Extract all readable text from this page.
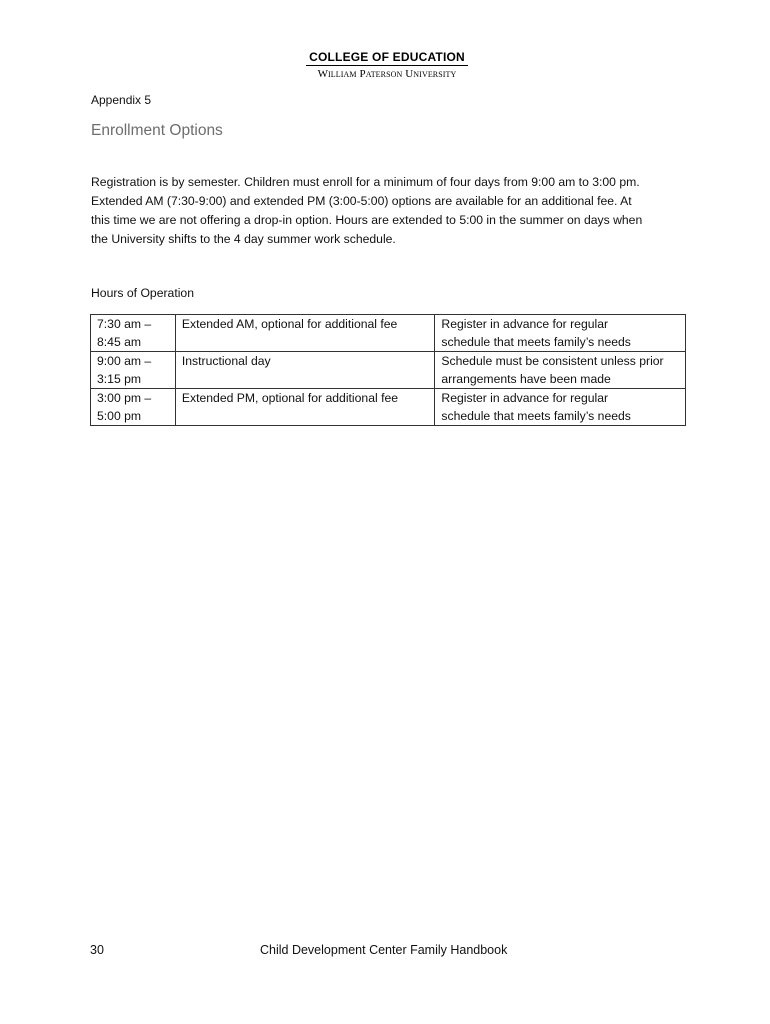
COLLEGE OF EDUCATION
William Paterson University
Appendix 5
Enrollment Options
Registration is by semester. Children must enroll for a minimum of four days from 9:00 am to 3:00 pm.
Extended AM (7:30-9:00) and extended PM (3:00-5:00) options are available for an additional fee. At
this time we are not offering a drop-in option. Hours are extended to 5:00 in the summer on days when
the University shifts to the 4 day summer work schedule.
Hours of Operation
7:30 am –
8:45 am	Extended AM, optional for additional fee	Register in advance for regular
schedule that meets family’s needs

9:00 am –
3:15 pm	Instructional day	Schedule must be consistent unless prior
arrangements have been made

3:00 pm –
5:00 pm	Extended PM, optional for additional fee	Register in advance for regular
schedule that meets family’s needs
30	Child Development Center Family Handbook
